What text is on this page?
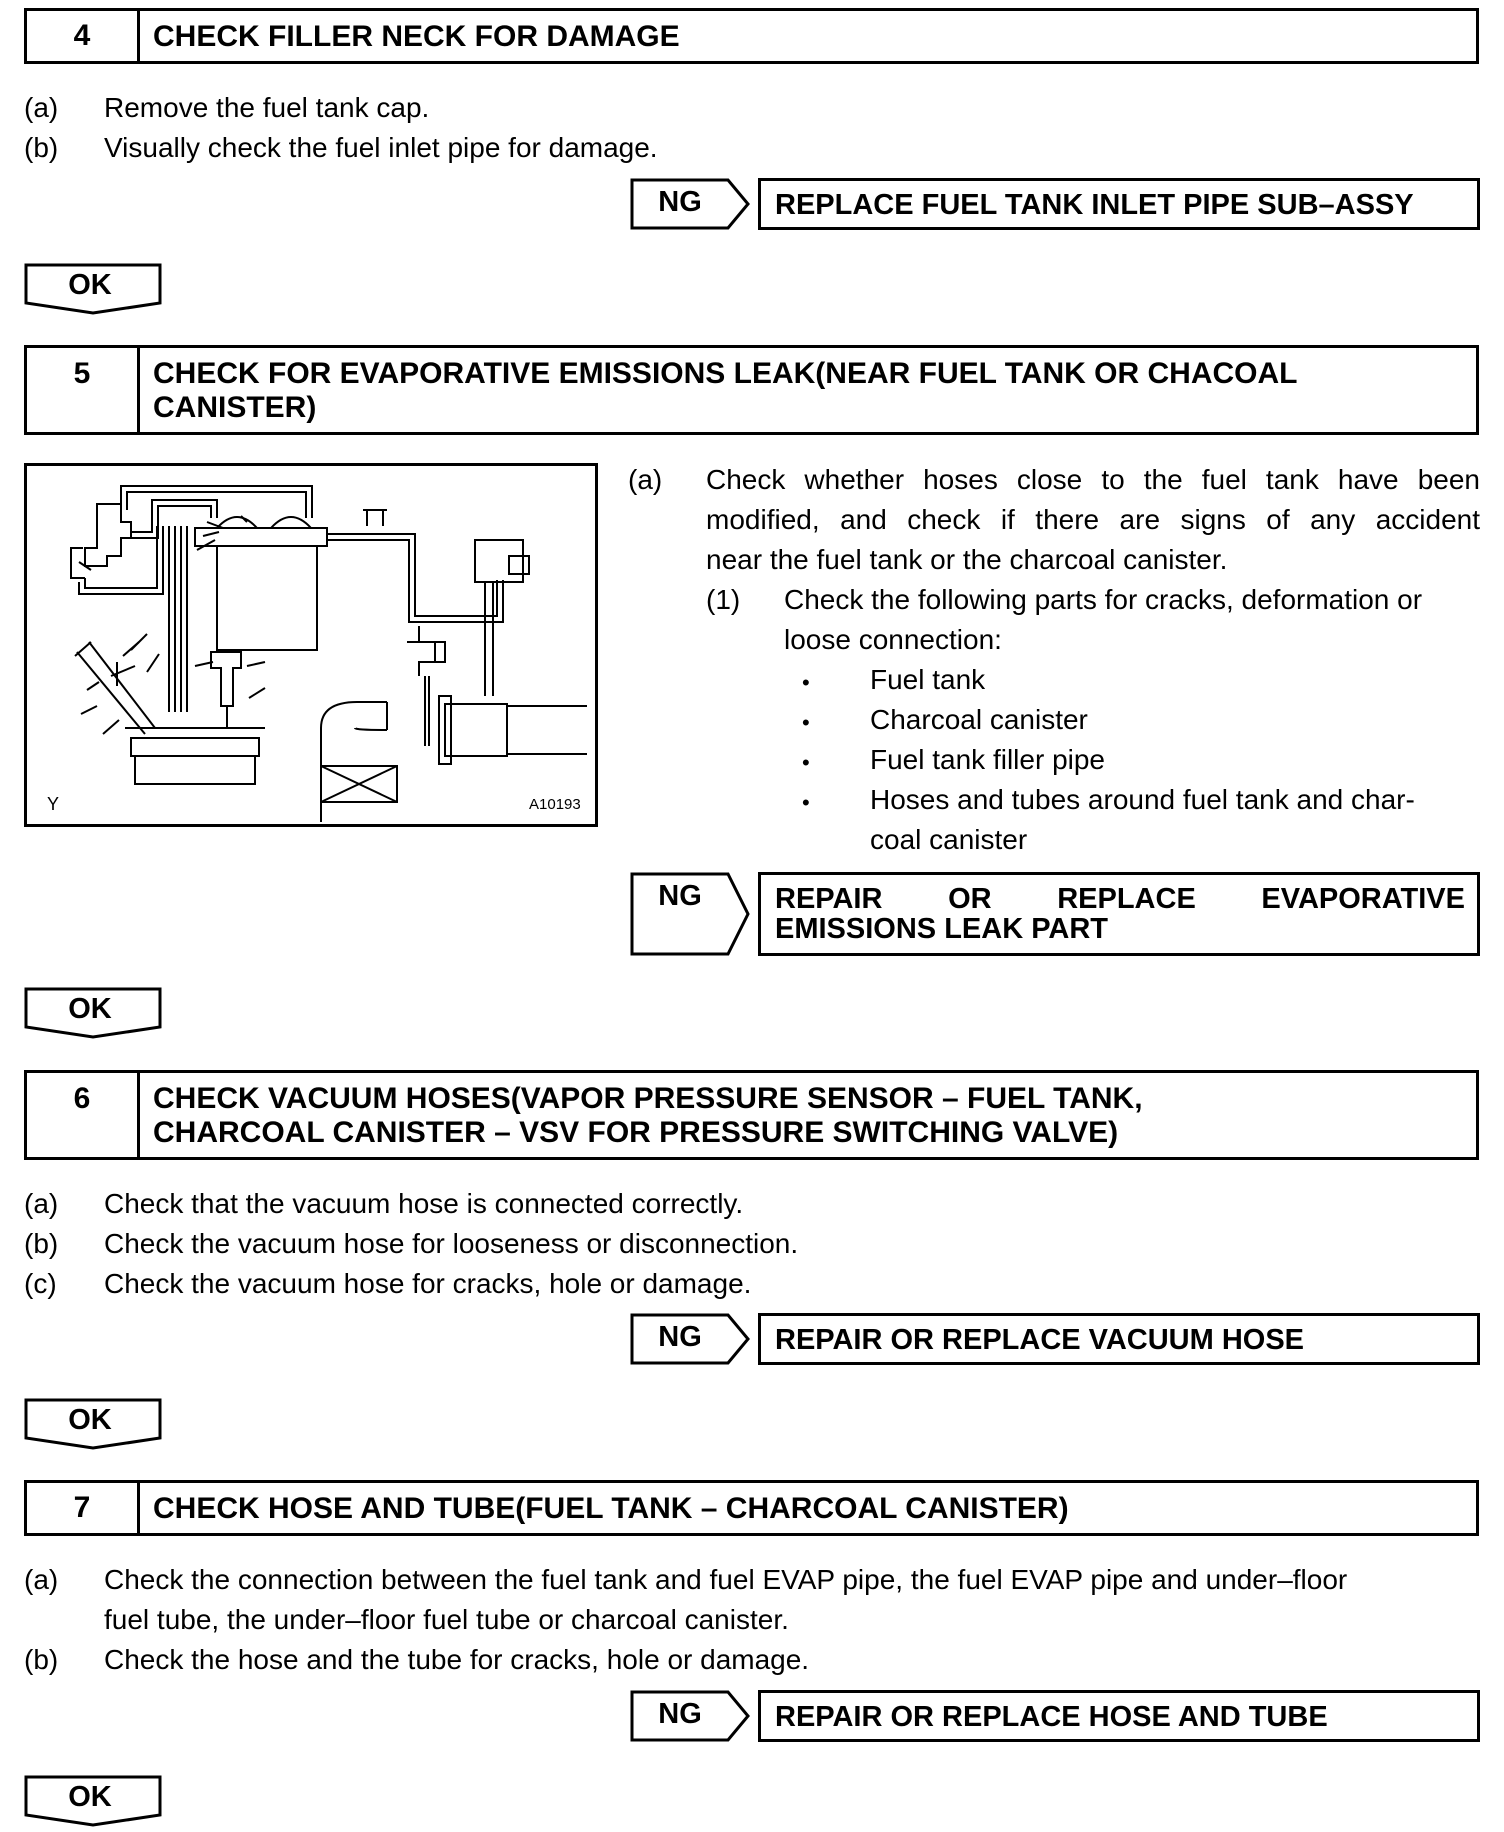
4	CHECK FILLER NECK FOR DAMAGE
(a) Remove the fuel tank cap.
(b) Visually check the fuel inlet pipe for damage.
NG	REPLACE FUEL TANK INLET PIPE SUB–ASSY
OK
5	CHECK FOR EVAPORATIVE EMISSIONS LEAK(NEAR FUEL TANK OR CHACOAL
CANISTER)
Y	A10193
(a) Check whether hoses close to the fuel tank have been
modified, and check if there are signs of any accident
near the fuel tank or the charcoal canister.
(1) Check the following parts for cracks, deformation or
loose connection:
• Fuel tank
• Charcoal canister
• Fuel tank filler pipe
• Hoses and tubes around fuel tank and char-
coal canister
NG	REPAIR OR REPLACE EVAPORATIVE
EMISSIONS LEAK PART
OK
6	CHECK VACUUM HOSES(VAPOR PRESSURE SENSOR – FUEL TANK,
CHARCOAL CANISTER – VSV FOR PRESSURE SWITCHING VALVE)
(a) Check that the vacuum hose is connected correctly.
(b) Check the vacuum hose for looseness or disconnection.
(c) Check the vacuum hose for cracks, hole or damage.
NG	REPAIR OR REPLACE VACUUM HOSE
OK
7	CHECK HOSE AND TUBE(FUEL TANK – CHARCOAL CANISTER)
(a) Check the connection between the fuel tank and fuel EVAP pipe, the fuel EVAP pipe and under–floor
fuel tube, the under–floor fuel tube or charcoal canister.
(b) Check the hose and the tube for cracks, hole or damage.
NG	REPAIR OR REPLACE HOSE AND TUBE
OK
